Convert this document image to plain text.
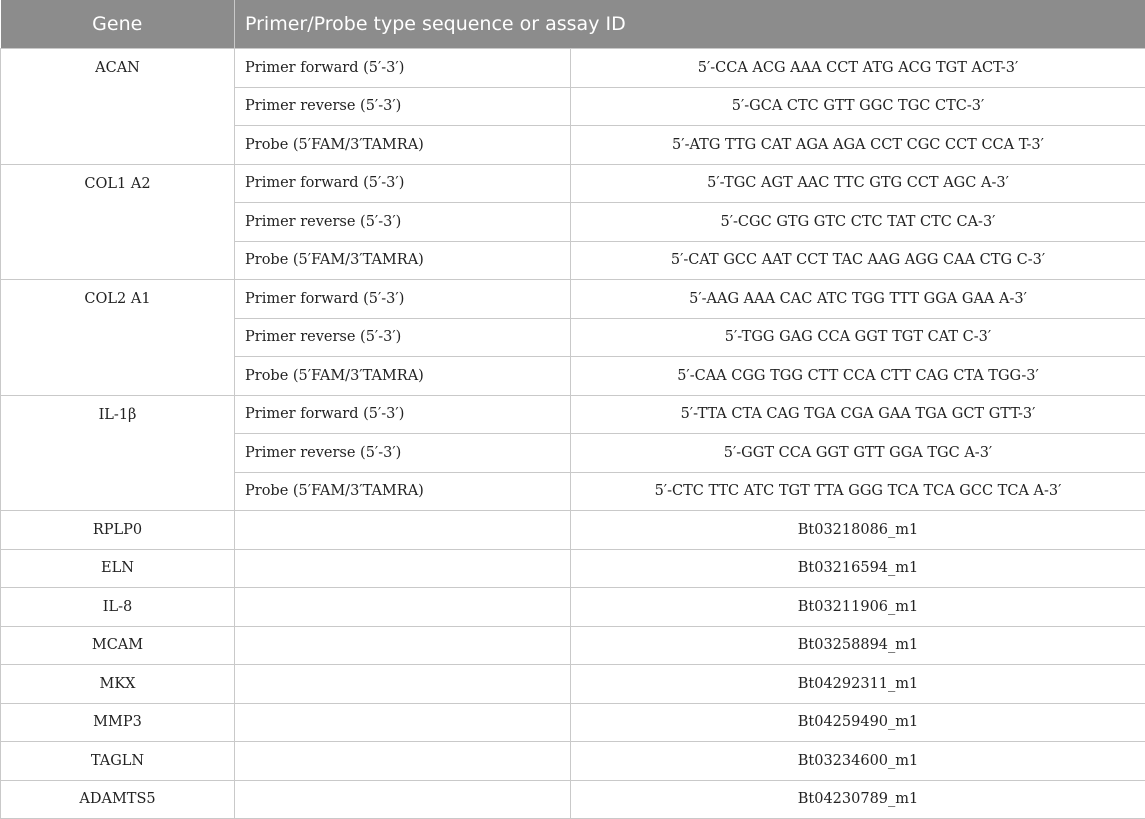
Gene	Primer/Probe type sequence or assay ID	
ACAN	Primer forward (5′-3′)	5′-CCA ACG AAA CCT ATG ACG TGT ACT-3′
	Primer reverse (5′-3′)	5′-GCA CTC GTT GGC TGC CTC-3′
	Probe (5′FAM/3′TAMRA)	5′-ATG TTG CAT AGA AGA CCT CGC CCT CCA T-3′
COL1 A2	Primer forward (5′-3′)	5′-TGC AGT AAC TTC GTG CCT AGC A-3′
	Primer reverse (5′-3′)	5′-CGC GTG GTC CTC TAT CTC CA-3′
	Probe (5′FAM/3′TAMRA)	5′-CAT GCC AAT CCT TAC AAG AGG CAA CTG C-3′
COL2 A1	Primer forward (5′-3′)	5′-AAG AAA CAC ATC TGG TTT GGA GAA A-3′
	Primer reverse (5′-3′)	5′-TGG GAG CCA GGT TGT CAT C-3′
	Probe (5′FAM/3′TAMRA)	5′-CAA CGG TGG CTT CCA CTT CAG CTA TGG-3′
IL-1β	Primer forward (5′-3′)	5′-TTA CTA CAG TGA CGA GAA TGA GCT GTT-3′
	Primer reverse (5′-3′)	5′-GGT CCA GGT GTT GGA TGC A-3′
	Probe (5′FAM/3′TAMRA)	5′-CTC TTC ATC TGT TTA GGG TCA TCA GCC TCA A-3′
RPLP0		Bt03218086_m1
ELN		Bt03216594_m1
IL-8		Bt03211906_m1
MCAM		Bt03258894_m1
MKX		Bt04292311_m1
MMP3		Bt04259490_m1
TAGLN		Bt03234600_m1
ADAMTS5		Bt04230789_m1
